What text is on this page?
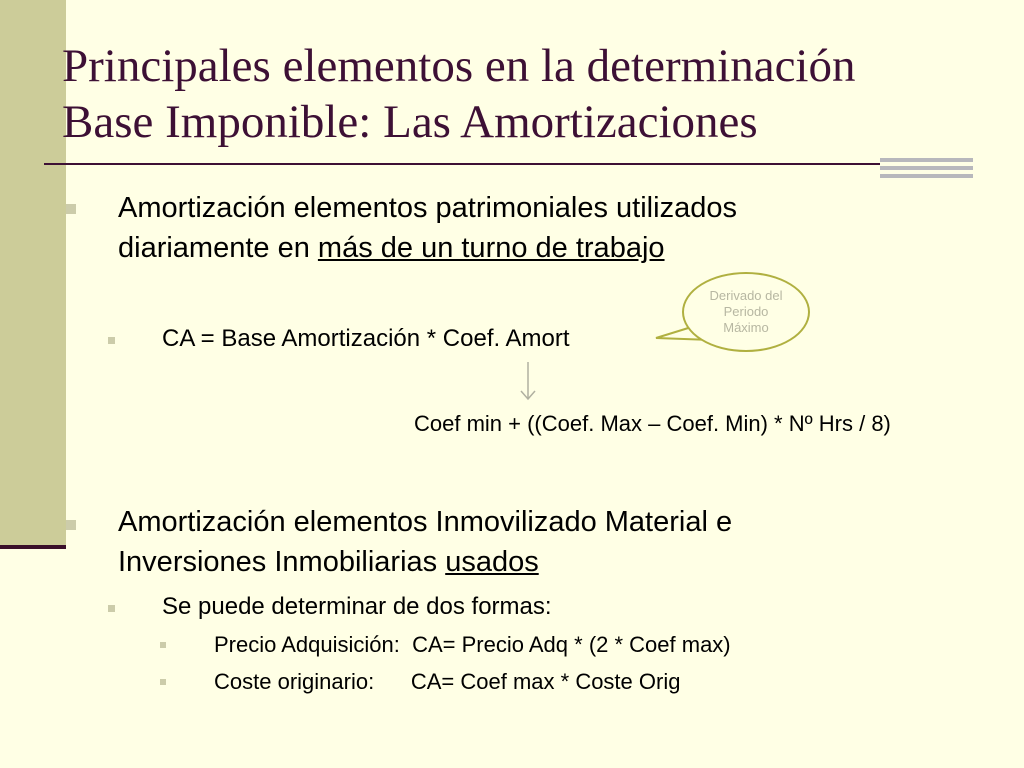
Principales elementos en la determinación
Base Imponible: Las Amortizaciones
Amortización elementos patrimoniales utilizados
diariamente en más de un turno de trabajo
CA = Base Amortización * Coef. Amort
Derivado del Periodo Máximo
Coef min + ((Coef. Max – Coef. Min) * Nº Hrs / 8)
Amortización elementos Inmovilizado Material e
Inversiones Inmobiliarias usados
Se puede determinar de dos formas:
Precio Adquisición:  CA= Precio Adq * (2 * Coef max)
Coste originario:      CA= Coef max * Coste Orig
